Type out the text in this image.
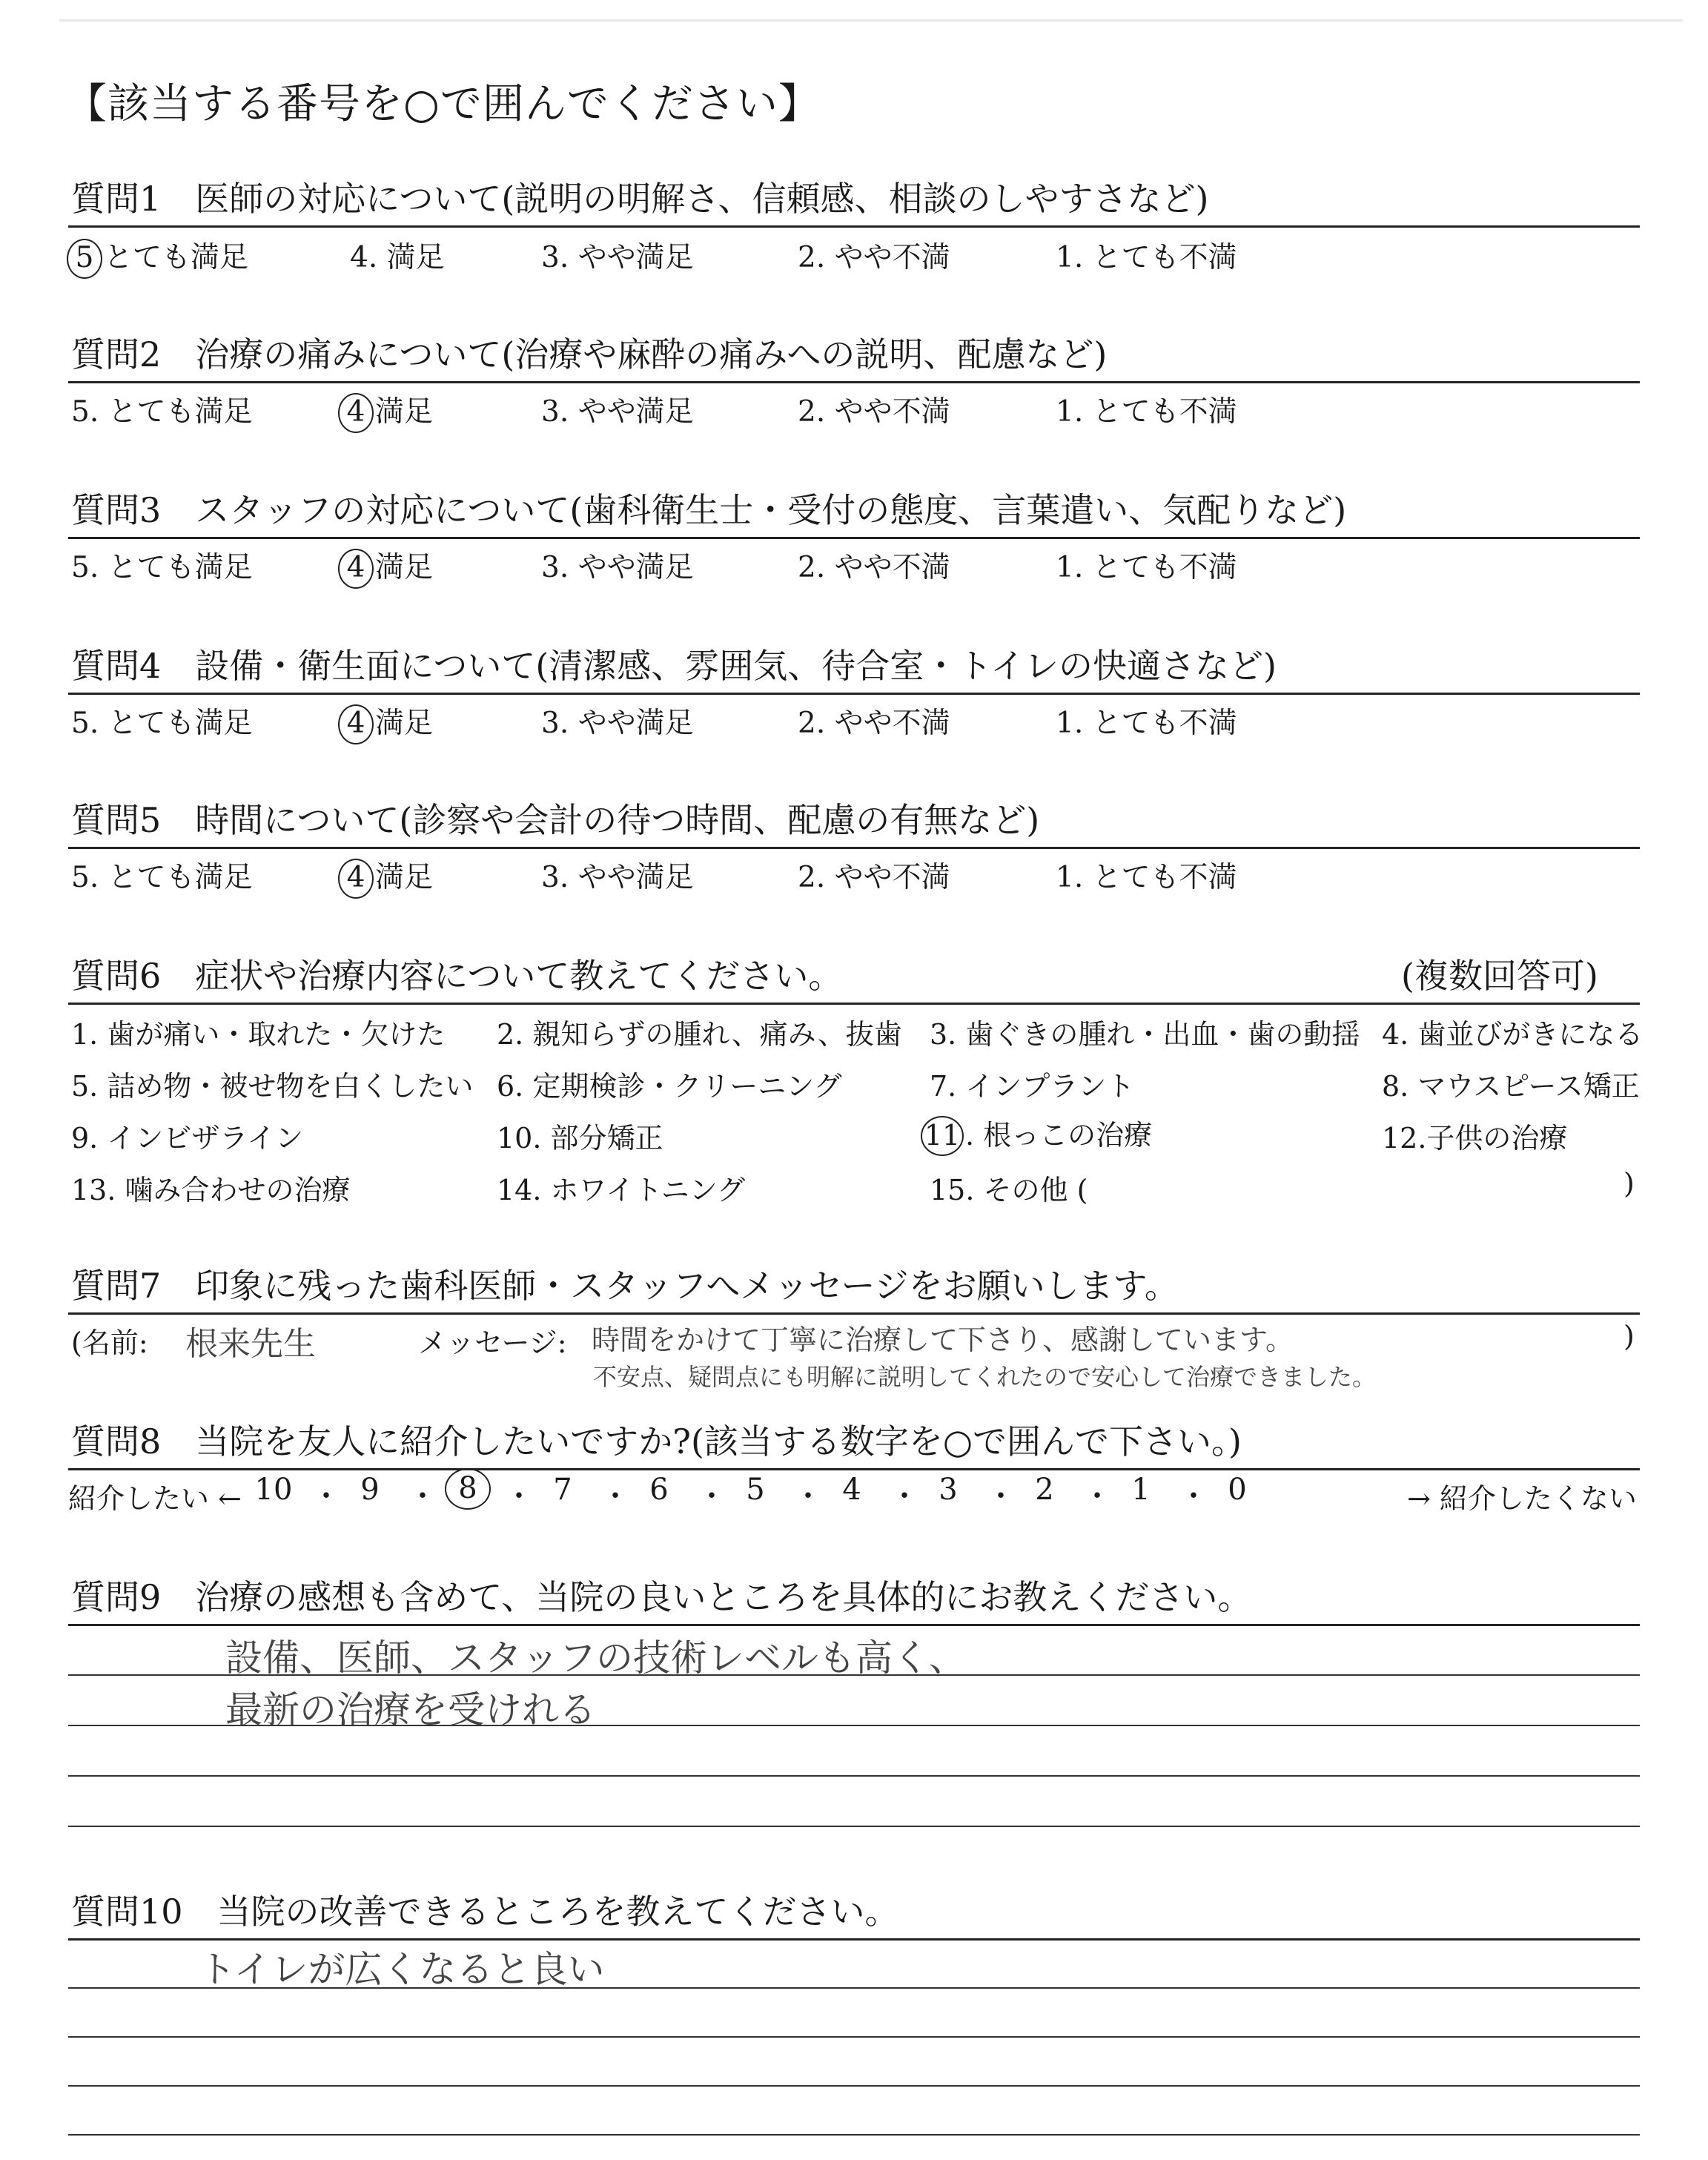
【該当する番号を○で囲んでください】
質問1　 医師の対応について(説明の明解さ、信頼感、相談のしやすさなど)
5 とても満足	4. 満足	3. やや満足	2. やや不満	1. とても不満
質問2　 治療の痛みについて(治療や麻酔の痛みへの説明、配慮など)
5. とても満足	4 満足	3. やや満足	2. やや不満	1. とても不満
質問3　 スタッフの対応について(歯科衛生士・受付の態度、言葉遣い、気配りなど)
5. とても満足	4 満足	3. やや満足	2. やや不満	1. とても不満
質問4　 設備・衛生面について(清潔感、雰囲気、待合室・トイレの快適さなど)
5. とても満足	4 満足	3. やや満足	2. やや不満	1. とても不満
質問5　 時間について(診察や会計の待つ時間、配慮の有無など)
5. とても満足	4 満足	3. やや満足	2. やや不満	1. とても不満
質問6　 症状や治療内容について教えてください。	(複数回答可)
1. 歯が痛い・取れた・欠けた 2. 親知らずの腫れ、痛み、抜歯 3. 歯ぐきの腫れ・出血・歯の動揺 4. 歯並びがきになる
5. 詰め物・被せ物を白くしたい 6. 定期検診・クリーニング	7. インプラント	8. マウスピース矯正
9. インビザライン	10. 部分矯正	11 . 根っこの治療	12.子供の治療
13. 噛み合わせの治療	14. ホワイトニング	15. その他 (	)
質問7　 印象に残った歯科医師・スタッフへメッセージをお願いします。
(名前: 根来先生	メッセージ: 時間をかけて丁寧に治療して下さり、感謝しています。
不安点、疑問点にも明解に説明してくれたので安心して治療できました。
)
質問8　 当院を友人に紹介したいですか?(該当する数字を○で囲んで下さい。)
紹介したい ← 10 ・ 9 ・ 8 ・ 7 ・ 6 ・ 5 ・ 4 ・ 3 ・ 2 ・ 1 ・ 0	→ 紹介したくない
質問9　 治療の感想も含めて、当院の良いところを具体的にお教えください。
設備、医師、スタッフの技術レベルも高く、
最新の治療を受けれる
質問10　 当院の改善できるところを教えてください。
トイレが広くなると良い
